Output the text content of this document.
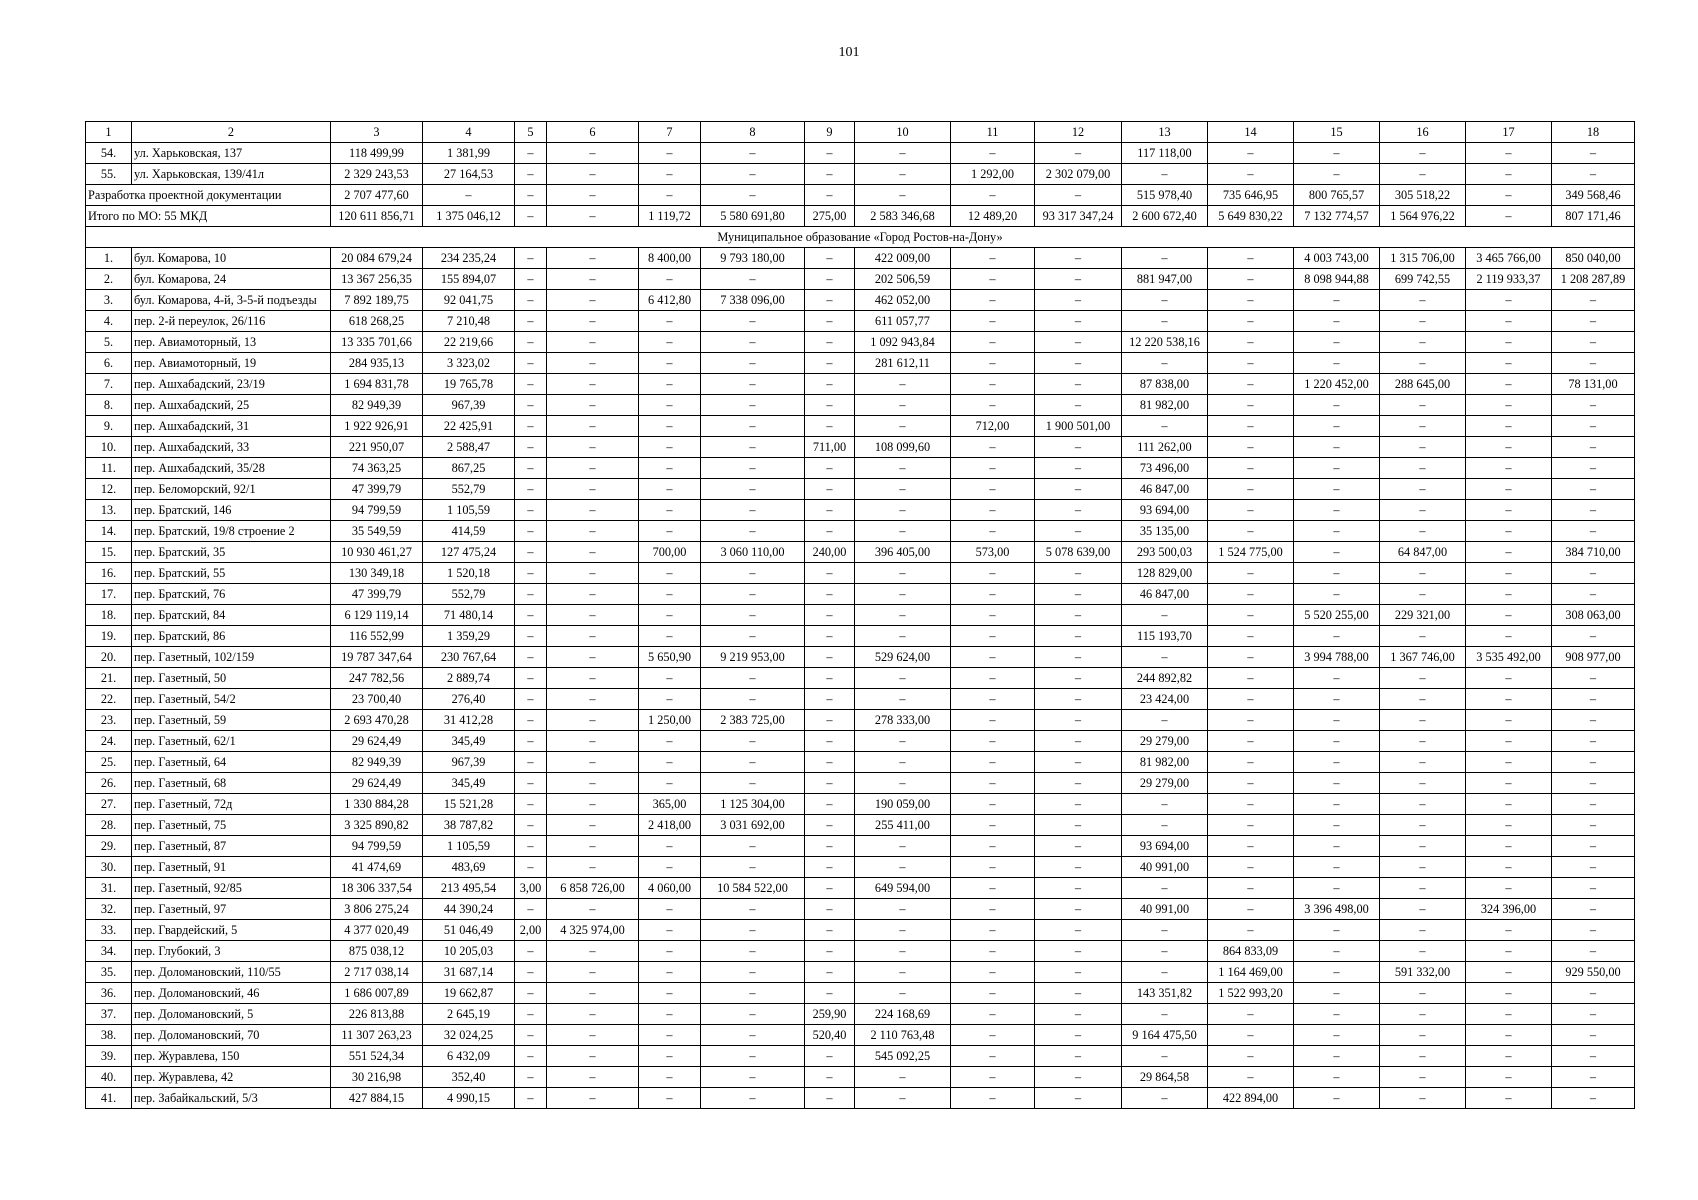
101
1	2	3	4	5	6	7	8	9	10	11	12	13	14	15	16	17	18
54.	ул. Харьковская, 137	118 499,99	1 381,99	–	–	–	–	–	–	–	–	117 118,00	–	–	–	–	–
55.	ул. Харьковская, 139/41л	2 329 243,53	27 164,53	–	–	–	–	–	–	1 292,00	2 302 079,00	–	–	–	–	–	–
Разработка проектной документации		2 707 477,60	–	–	–	–	–	–	–	–	–	515 978,40	735 646,95	800 765,57	305 518,22	–	349 568,46
Итого по МО: 55 МКД		120 611 856,71	1 375 046,12	–	–	1 119,72	5 580 691,80	275,00	2 583 346,68	12 489,20	93 317 347,24	2 600 672,40	5 649 830,22	7 132 774,57	1 564 976,22	–	807 171,46
Муниципальное образование «Город Ростов-на-Дону»																	
1.	бул. Комарова, 10	20 084 679,24	234 235,24	–	–	8 400,00	9 793 180,00	–	422 009,00	–	–	–	–	4 003 743,00	1 315 706,00	3 465 766,00	850 040,00
2.	бул. Комарова, 24	13 367 256,35	155 894,07	–	–	–	–	–	202 506,59	–	–	881 947,00	–	8 098 944,88	699 742,55	2 119 933,37	1 208 287,89
3.	бул. Комарова, 4-й, 3-5-й подъезды	7 892 189,75	92 041,75	–	–	6 412,80	7 338 096,00	–	462 052,00	–	–	–	–	–	–	–	–
4.	пер. 2-й переулок, 26/116	618 268,25	7 210,48	–	–	–	–	–	611 057,77	–	–	–	–	–	–	–	–
5.	пер. Авиамоторный, 13	13 335 701,66	22 219,66	–	–	–	–	–	1 092 943,84	–	–	12 220 538,16	–	–	–	–	–
6.	пер. Авиамоторный, 19	284 935,13	3 323,02	–	–	–	–	–	281 612,11	–	–	–	–	–	–	–	–
7.	пер. Ашхабадский, 23/19	1 694 831,78	19 765,78	–	–	–	–	–	–	–	–	87 838,00	–	1 220 452,00	288 645,00	–	78 131,00
8.	пер. Ашхабадский, 25	82 949,39	967,39	–	–	–	–	–	–	–	–	81 982,00	–	–	–	–	–
9.	пер. Ашхабадский, 31	1 922 926,91	22 425,91	–	–	–	–	–	–	712,00	1 900 501,00	–	–	–	–	–	–
10.	пер. Ашхабадский, 33	221 950,07	2 588,47	–	–	–	–	711,00	108 099,60	–	–	111 262,00	–	–	–	–	–
11.	пер. Ашхабадский, 35/28	74 363,25	867,25	–	–	–	–	–	–	–	–	73 496,00	–	–	–	–	–
12.	пер. Беломорский, 92/1	47 399,79	552,79	–	–	–	–	–	–	–	–	46 847,00	–	–	–	–	–
13.	пер. Братский, 146	94 799,59	1 105,59	–	–	–	–	–	–	–	–	93 694,00	–	–	–	–	–
14.	пер. Братский, 19/8 строение 2	35 549,59	414,59	–	–	–	–	–	–	–	–	35 135,00	–	–	–	–	–
15.	пер. Братский, 35	10 930 461,27	127 475,24	–	–	700,00	3 060 110,00	240,00	396 405,00	573,00	5 078 639,00	293 500,03	1 524 775,00	–	64 847,00	–	384 710,00
16.	пер. Братский, 55	130 349,18	1 520,18	–	–	–	–	–	–	–	–	128 829,00	–	–	–	–	–
17.	пер. Братский, 76	47 399,79	552,79	–	–	–	–	–	–	–	–	46 847,00	–	–	–	–	–
18.	пер. Братский, 84	6 129 119,14	71 480,14	–	–	–	–	–	–	–	–	–	–	5 520 255,00	229 321,00	–	308 063,00
19.	пер. Братский, 86	116 552,99	1 359,29	–	–	–	–	–	–	–	–	115 193,70	–	–	–	–	–
20.	пер. Газетный, 102/159	19 787 347,64	230 767,64	–	–	5 650,90	9 219 953,00	–	529 624,00	–	–	–	–	3 994 788,00	1 367 746,00	3 535 492,00	908 977,00
21.	пер. Газетный, 50	247 782,56	2 889,74	–	–	–	–	–	–	–	–	244 892,82	–	–	–	–	–
22.	пер. Газетный, 54/2	23 700,40	276,40	–	–	–	–	–	–	–	–	23 424,00	–	–	–	–	–
23.	пер. Газетный, 59	2 693 470,28	31 412,28	–	–	1 250,00	2 383 725,00	–	278 333,00	–	–	–	–	–	–	–	–
24.	пер. Газетный, 62/1	29 624,49	345,49	–	–	–	–	–	–	–	–	29 279,00	–	–	–	–	–
25.	пер. Газетный, 64	82 949,39	967,39	–	–	–	–	–	–	–	–	81 982,00	–	–	–	–	–
26.	пер. Газетный, 68	29 624,49	345,49	–	–	–	–	–	–	–	–	29 279,00	–	–	–	–	–
27.	пер. Газетный, 72д	1 330 884,28	15 521,28	–	–	365,00	1 125 304,00	–	190 059,00	–	–	–	–	–	–	–	–
28.	пер. Газетный, 75	3 325 890,82	38 787,82	–	–	2 418,00	3 031 692,00	–	255 411,00	–	–	–	–	–	–	–	–
29.	пер. Газетный, 87	94 799,59	1 105,59	–	–	–	–	–	–	–	–	93 694,00	–	–	–	–	–
30.	пер. Газетный, 91	41 474,69	483,69	–	–	–	–	–	–	–	–	40 991,00	–	–	–	–	–
31.	пер. Газетный, 92/85	18 306 337,54	213 495,54	3,00	6 858 726,00	4 060,00	10 584 522,00	–	649 594,00	–	–	–	–	–	–	–	–
32.	пер. Газетный, 97	3 806 275,24	44 390,24	–	–	–	–	–	–	–	–	40 991,00	–	3 396 498,00	–	324 396,00	–
33.	пер. Гвардейский, 5	4 377 020,49	51 046,49	2,00	4 325 974,00	–	–	–	–	–	–	–	–	–	–	–	–
34.	пер. Глубокий, 3	875 038,12	10 205,03	–	–	–	–	–	–	–	–	–	864 833,09	–	–	–	–
35.	пер. Доломановский, 110/55	2 717 038,14	31 687,14	–	–	–	–	–	–	–	–	–	1 164 469,00	–	591 332,00	–	929 550,00
36.	пер. Доломановский, 46	1 686 007,89	19 662,87	–	–	–	–	–	–	–	–	143 351,82	1 522 993,20	–	–	–	–
37.	пер. Доломановский, 5	226 813,88	2 645,19	–	–	–	–	259,90	224 168,69	–	–	–	–	–	–	–	–
38.	пер. Доломановский, 70	11 307 263,23	32 024,25	–	–	–	–	520,40	2 110 763,48	–	–	9 164 475,50	–	–	–	–	–
39.	пер. Журавлева, 150	551 524,34	6 432,09	–	–	–	–	–	545 092,25	–	–	–	–	–	–	–	–
40.	пер. Журавлева, 42	30 216,98	352,40	–	–	–	–	–	–	–	–	29 864,58	–	–	–	–	–
41.	пер. Забайкальский, 5/3	427 884,15	4 990,15	–	–	–	–	–	–	–	–	–	422 894,00	–	–	–	–
